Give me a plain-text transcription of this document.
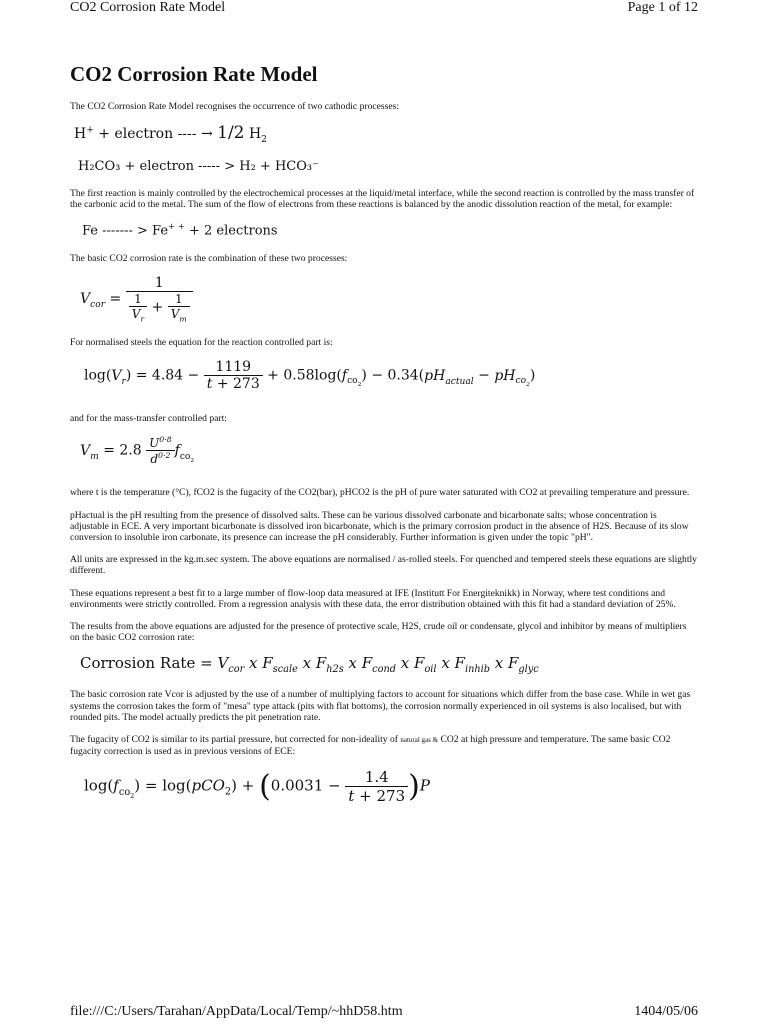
CO2 Corrosion Rate Model	Page 1 of 12
CO2 Corrosion Rate Model

The CO2 Corrosion Rate Model recognises the occurrence of two cathodic processes:

H+ + electron ---- → 1/2 $H_2$
H₂CO₃ + electron ----- > H₂ + HCO₃⁻

The first reaction is mainly controlled by the electrochemical processes at the liquid/metal interface, while the second reaction is controlled by the mass transfer of the carbonic acid to the metal. The sum of the flow of electrons from these reactions is balanced by the anodic dissolution reaction of the metal, for example:

Fe ------- > Fe+ + + 2 electrons

The basic CO2 corrosion rate is the combination of these two processes:

$V_{cor} = \frac{1}{\frac{1}{V_r} + \frac{1}{V_m}}$

For normalised steels the equation for the reaction controlled part is:

$\log(V_r) = 4.84 - \frac{1119}{t + 273} + 0.58\log(f_{co_2}) - 0.34(pH_{actual} - pH_{co_2})$

and for the mass-transfer controlled part:

$V_m = 2.8 \frac{U^{0\cdot 8}}{d^{0\cdot 2}} f_{co_2}$

where t is the temperature (°C), fCO2 is the fugacity of the CO2(bar), pHCO2 is the pH of pure water saturated with CO2 at prevailing temperature and pressure.

pHactual is the pH resulting from the presence of dissolved salts. These can be various dissolved carbonate and bicarbonate salts; whose concentration is adjustable in ECE. A very important bicarbonate is dissolved iron bicarbonate, which is the primary corrosion product in the absence of H2S. Because of its slow conversion to insoluble iron carbonate, its presence can increase the pH considerably. Further information is given under the topic "pH".

All units are expressed in the kg.m.sec system. The above equations are normalised / as-rolled steels. For quenched and tempered steels these equations are slightly different.

These equations represent a best fit to a large number of flow-loop data measured at IFE (Institutt For Energiteknikk) in Norway, where test conditions and environments were strictly controlled. From a regression analysis with these data, the error distribution obtained with this fit had a standard deviation of 25%.

The results from the above equations are adjusted for the presence of protective scale, H2S, crude oil or condensate, glycol and inhibitor by means of multipliers on the basic CO2 corrosion rate:

Corrosion Rate = $V_{cor}$ x $F_{scale}$ x $F_{h2s}$ x $F_{cond}$ x $F_{oil}$ x $F_{inhib}$ x $F_{glyc}$

The basic corrosion rate Vcor is adjusted by the use of a number of multiplying factors to account for situations which differ from the base case. While in wet gas systems the corrosion takes the form of "mesa" type attack (pits with flat bottoms), the corrosion normally experienced in oil systems is also localised, but with rounded pits. The model actually predicts the pit penetration rate.

The fugacity of CO2 is similar to its partial pressure, but corrected for non-ideality of natural gas & CO2 at high pressure and temperature. The same basic CO2 fugacity correction is used as in previous versions of ECE:

$\log(f_{co_2}) = \log(pCO_2) + (0.0031 - \frac{1.4}{t + 273} )P$
file:///C:/Users/Tarahan/AppData/Local/Temp/~hhD58.htm	1404/05/06
